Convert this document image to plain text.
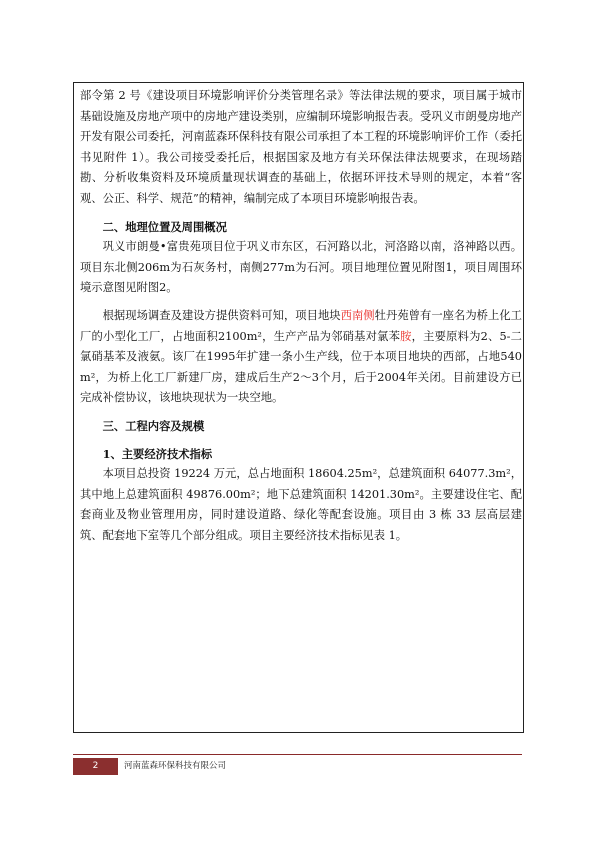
部令第 2 号《建设项目环境影响评价分类管理名录》等法律法规的要求，项目属于城市基础设施及房地产项中的房地产建设类别，应编制环境影响报告表。受巩义市朗曼房地产开发有限公司委托，河南蓝森环保科技有限公司承担了本工程的环境影响评价工作（委托书见附件 1）。我公司接受委托后，根据国家及地方有关环保法律法规要求，在现场踏勘、分析收集资料及环境质量现状调查的基础上，依据环评技术导则的规定，本着“客观、公正、科学、规范”的精神，编制完成了本项目环境影响报告表。

二、地理位置及周围概况

巩义市朗曼•富贵苑项目位于巩义市东区，石河路以北，河洛路以南，洛神路以西。项目东北侧206m为石灰务村，南侧277m为石河。项目地理位置见附图1，项目周围环境示意图见附图2。

根据现场调查及建设方提供资料可知，项目地块西南侧牡丹苑曾有一座名为桥上化工厂的小型化工厂，占地面积2100m²，生产产品为邻硝基对氯苯胺，主要原料为2、5-二氯硝基苯及液氨。该厂在1995年扩建一条小生产线，位于本项目地块的西部，占地540 m²，为桥上化工厂新建厂房，建成后生产2～3个月，后于2004年关闭。目前建设方已完成补偿协议，该地块现状为一块空地。

三、工程内容及规模
1、主要经济技术指标

本项目总投资 19224 万元，总占地面积 18604.25m²，总建筑面积 64077.3m²，其中地上总建筑面积 49876.00m²；地下总建筑面积 14201.30m²。主要建设住宅、配套商业及物业管理用房，同时建设道路、绿化等配套设施。项目由 3 栋 33 层高层建筑、配套地下室等几个部分组成。项目主要经济技术指标见表 1。

2	河南蓝森环保科技有限公司
